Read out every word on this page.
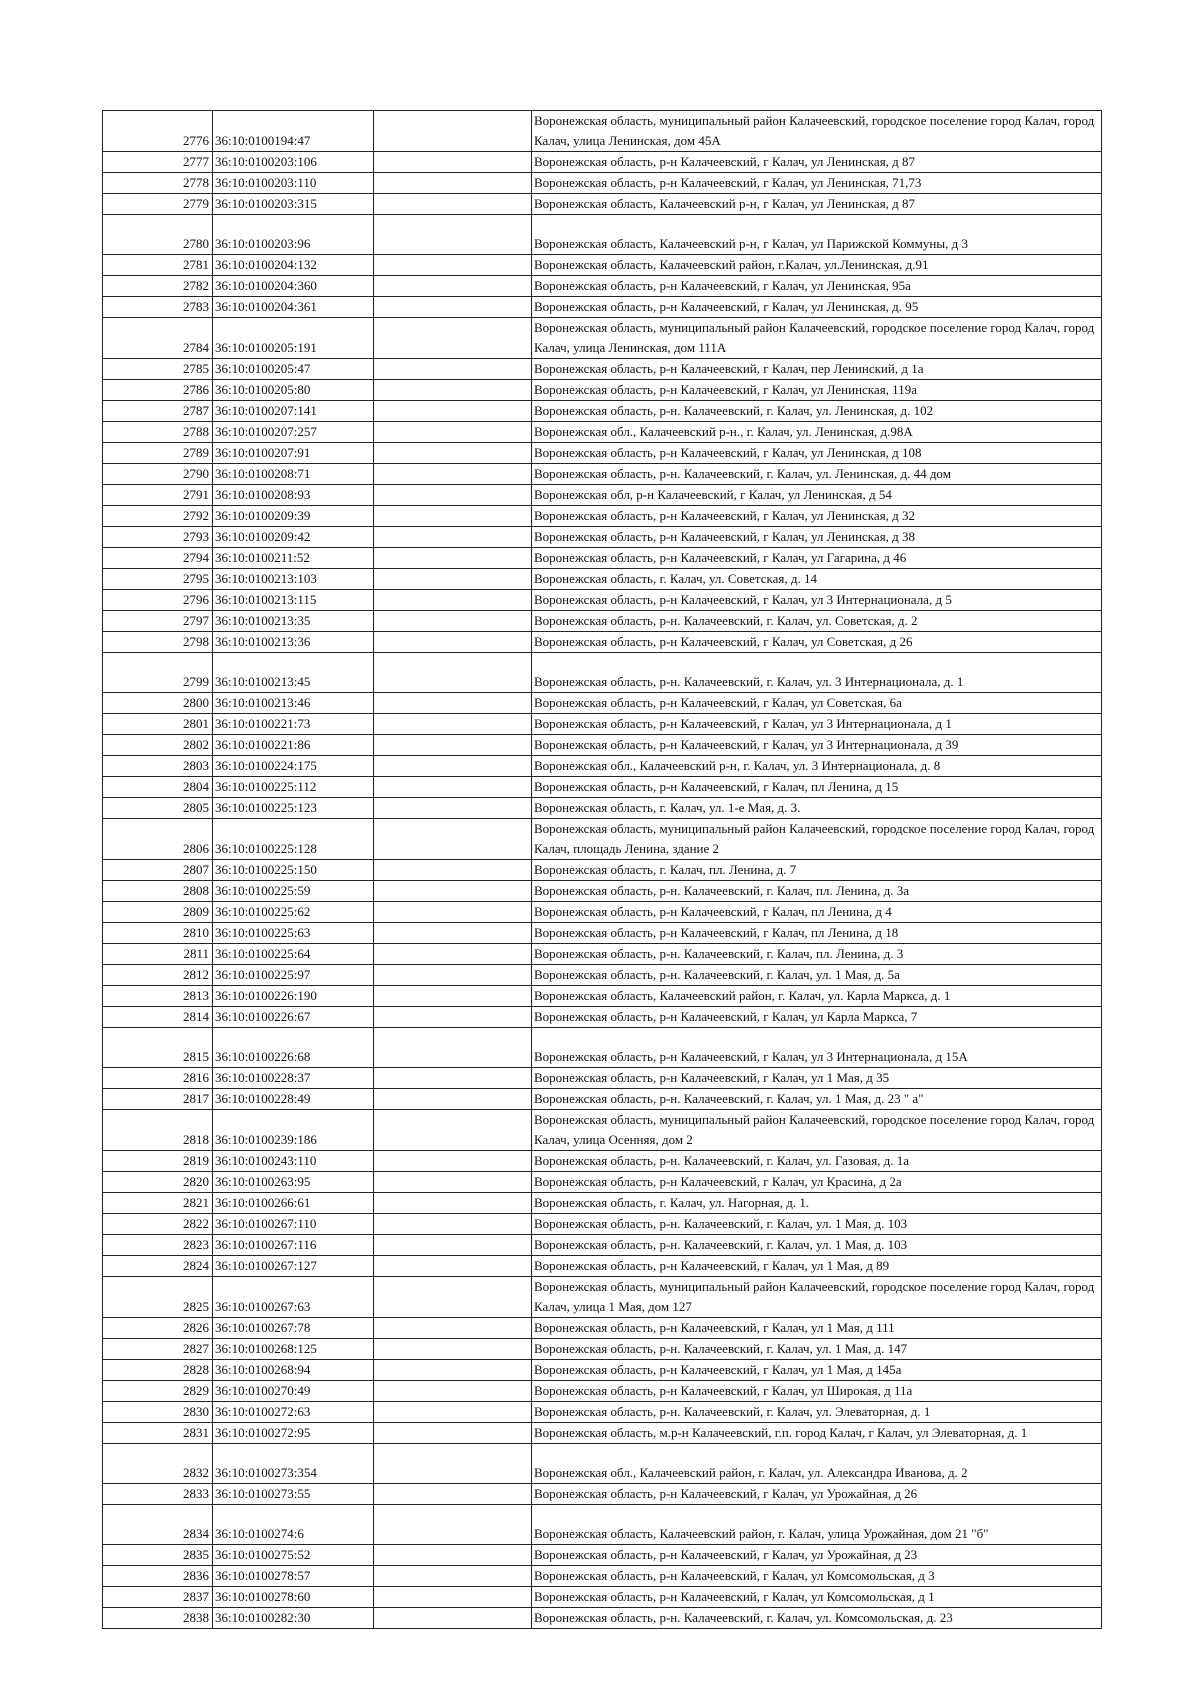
2776	36:10:0100194:47		Воронежская область, муниципальный район Калачеевский, городское поселение город Калач, город Калач, улица Ленинская, дом 45А
2777	36:10:0100203:106		Воронежская область, р-н Калачеевский, г Калач, ул Ленинская, д 87
2778	36:10:0100203:110		Воронежская область, р-н Калачеевский, г Калач, ул Ленинская, 71,73
2779	36:10:0100203:315		Воронежская область, Калачеевский р-н, г Калач, ул Ленинская, д 87
2780	36:10:0100203:96		Воронежская область, Калачеевский р-н, г Калач, ул Парижской Коммуны, д 3
2781	36:10:0100204:132		Воронежская область, Калачеевский район, г.Калач, ул.Ленинская, д.91
2782	36:10:0100204:360		Воронежская область, р-н Калачеевский, г Калач, ул Ленинская, 95а
2783	36:10:0100204:361		Воронежская область, р-н Калачеевский, г Калач, ул Ленинская, д. 95
2784	36:10:0100205:191		Воронежская область, муниципальный район Калачеевский, городское поселение город Калач, город Калач, улица Ленинская, дом 111А
2785	36:10:0100205:47		Воронежская область, р-н Калачеевский, г Калач, пер Ленинский, д 1а
2786	36:10:0100205:80		Воронежская область, р-н Калачеевский, г Калач, ул Ленинская, 119а
2787	36:10:0100207:141		Воронежская область, р-н. Калачеевский, г. Калач, ул. Ленинская, д. 102
2788	36:10:0100207:257		Воронежская обл., Калачеевский р-н., г. Калач, ул. Ленинская, д.98А
2789	36:10:0100207:91		Воронежская область, р-н Калачеевский, г Калач, ул Ленинская, д 108
2790	36:10:0100208:71		Воронежская область, р-н. Калачеевский, г. Калач, ул. Ленинская, д. 44 дом
2791	36:10:0100208:93		Воронежская обл, р-н Калачеевский, г Калач, ул Ленинская, д 54
2792	36:10:0100209:39		Воронежская область, р-н Калачеевский, г Калач, ул Ленинская, д 32
2793	36:10:0100209:42		Воронежская область, р-н Калачеевский, г Калач, ул Ленинская, д 38
2794	36:10:0100211:52		Воронежская область, р-н Калачеевский, г Калач, ул Гагарина, д 46
2795	36:10:0100213:103		Воронежская область, г. Калач, ул. Советская, д. 14
2796	36:10:0100213:115		Воронежская область, р-н Калачеевский, г Калач, ул 3 Интернационала, д 5
2797	36:10:0100213:35		Воронежская область, р-н. Калачеевский, г. Калач, ул. Советская, д. 2
2798	36:10:0100213:36		Воронежская область, р-н Калачеевский, г Калач, ул Советская, д 26
2799	36:10:0100213:45		Воронежская область, р-н. Калачеевский, г. Калач, ул. 3 Интернационала, д. 1
2800	36:10:0100213:46		Воронежская область, р-н Калачеевский, г Калач, ул Советская, 6а
2801	36:10:0100221:73		Воронежская область, р-н Калачеевский, г Калач, ул 3 Интернационала, д 1
2802	36:10:0100221:86		Воронежская область, р-н Калачеевский, г Калач, ул 3 Интернационала, д 39
2803	36:10:0100224:175		Воронежская обл., Калачеевский р-н, г. Калач, ул. 3 Интернационала, д. 8
2804	36:10:0100225:112		Воронежская область, р-н Калачеевский, г Калач, пл Ленина, д 15
2805	36:10:0100225:123		Воронежская область, г. Калач, ул. 1-е Мая, д. 3.
2806	36:10:0100225:128		Воронежская область, муниципальный район Калачеевский, городское поселение город Калач, город Калач, площадь Ленина, здание 2
2807	36:10:0100225:150		Воронежская область, г. Калач, пл. Ленина, д. 7
2808	36:10:0100225:59		Воронежская область, р-н. Калачеевский, г. Калач, пл. Ленина, д. 3а
2809	36:10:0100225:62		Воронежская область, р-н Калачеевский, г Калач, пл Ленина, д 4
2810	36:10:0100225:63		Воронежская область, р-н Калачеевский, г Калач, пл Ленина, д 18
2811	36:10:0100225:64		Воронежская область, р-н. Калачеевский, г. Калач, пл. Ленина, д. 3
2812	36:10:0100225:97		Воронежская область, р-н. Калачеевский, г. Калач, ул. 1 Мая, д. 5а
2813	36:10:0100226:190		Воронежская область, Калачеевский район, г. Калач, ул. Карла Маркса, д. 1
2814	36:10:0100226:67		Воронежская область, р-н Калачеевский, г Калач, ул Карла Маркса, 7
2815	36:10:0100226:68		Воронежская область, р-н Калачеевский, г Калач, ул 3 Интернационала, д 15А
2816	36:10:0100228:37		Воронежская область, р-н Калачеевский, г Калач, ул 1 Мая, д 35
2817	36:10:0100228:49		Воронежская область, р-н. Калачеевский, г. Калач, ул. 1 Мая, д. 23 " а"
2818	36:10:0100239:186		Воронежская область, муниципальный район Калачеевский, городское поселение город Калач, город Калач, улица Осенняя, дом 2
2819	36:10:0100243:110		Воронежская область, р-н. Калачеевский, г. Калач, ул. Газовая, д. 1а
2820	36:10:0100263:95		Воронежская область, р-н Калачеевский, г Калач, ул Красина, д 2а
2821	36:10:0100266:61		Воронежская область, г. Калач, ул. Нагорная, д. 1.
2822	36:10:0100267:110		Воронежская область, р-н. Калачеевский, г. Калач, ул. 1 Мая, д. 103
2823	36:10:0100267:116		Воронежская область, р-н. Калачеевский, г. Калач, ул. 1 Мая, д. 103
2824	36:10:0100267:127		Воронежская область, р-н Калачеевский, г Калач, ул 1 Мая, д 89
2825	36:10:0100267:63		Воронежская область, муниципальный район Калачеевский, городское поселение город Калач, город Калач, улица 1 Мая, дом 127
2826	36:10:0100267:78		Воронежская область, р-н Калачеевский, г Калач, ул 1 Мая, д 111
2827	36:10:0100268:125		Воронежская область, р-н. Калачеевский, г. Калач, ул. 1 Мая, д. 147
2828	36:10:0100268:94		Воронежская область, р-н Калачеевский, г Калач, ул 1 Мая, д 145а
2829	36:10:0100270:49		Воронежская область, р-н Калачеевский, г Калач, ул Широкая, д 11а
2830	36:10:0100272:63		Воронежская область, р-н. Калачеевский, г. Калач, ул. Элеваторная, д. 1
2831	36:10:0100272:95		Воронежская область, м.р-н Калачеевский, г.п. город Калач, г Калач, ул Элеваторная, д. 1
2832	36:10:0100273:354		Воронежская обл., Калачеевский район, г. Калач, ул. Александра Иванова, д. 2
2833	36:10:0100273:55		Воронежская область, р-н Калачеевский, г Калач, ул Урожайная, д 26
2834	36:10:0100274:6		Воронежская область, Калачеевский район, г. Калач, улица Урожайная, дом 21 "б"
2835	36:10:0100275:52		Воронежская область, р-н Калачеевский, г Калач, ул Урожайная, д 23
2836	36:10:0100278:57		Воронежская область, р-н Калачеевский, г Калач, ул Комсомольская, д 3
2837	36:10:0100278:60		Воронежская область, р-н Калачеевский, г Калач, ул Комсомольская, д 1
2838	36:10:0100282:30		Воронежская область, р-н. Калачеевский, г. Калач, ул. Комсомольская, д. 23
